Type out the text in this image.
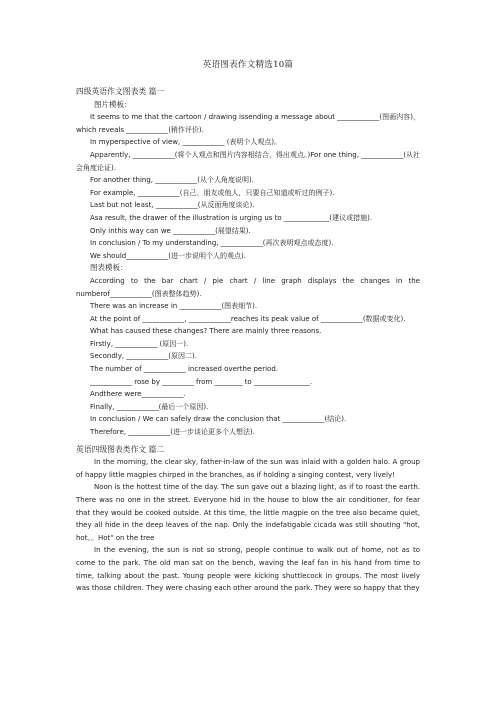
英语图表作文精选10篇

四级英语作文图表类 篇一

图片模板：

It seems to me that the cartoon / drawing issending a message about ____________(图画内容)，which reveals ____________(稍作评价).

In myperspective of view, ____________ (表明个人观点)。

Apparently, ____________(将个人观点和图片内容相结合，得出观点。)For one thing, ____________(从社会角度论证).

For another thing, ____________(从个人角度说明).

For example, ____________(自己、朋友或他人，只要自己知道或听过的例子).

Last but not least, ____________(从反面角度谈论).

Asa result, the drawer of the illustration is urging us to _____________(建议或措施).

Only inthis way can we ____________(展望结果).

In conclusion / To my understanding, ____________(再次表明观点或态度).

We should____________(进一步说明个人的观点).

图表模板：

According to the bar chart / pie chart / line graph displays the changes in the numberof____________(图表整体趋势).

There was an increase in ____________(图表细节).

At the point of ____________, ____________reaches its peak value of ____________(数据或变化).

What has caused these changes? There are mainly three reasons.

Firstly, ____________ (原因一).

Secondly, ____________(原因二).

The number of ____________ increased overthe period.

____________ rose by _________ from ________ to ________________.

Andthere were____________.

Finally, ____________(最后一个原因).

In conclusion / We can safely draw the conclusion that ____________(结论).

Therefore, ____________(进一步谈论更多个人想法).

英语四级图表类作文 篇二

In the morning, the clear sky, father-in-law of the sun was inlaid with a golden halo. A group of happy little magpies chirped in the branches, as if holding a singing contest, very lively!

Noon is the hottest time of the day. The sun gave out a blazing light, as if to roast the earth. There was no one in the street. Everyone hid in the house to blow the air conditioner, for fear that they would be cooked outside. At this time, the little magpie on the tree also became quiet, they all hide in the deep leaves of the nap. Only the indefatigable cicada was still shouting "hot, hot。。Hot" on the tree

In the evening, the sun is not so strong, people continue to walk out of home, not as to come to the park. The old man sat on the bench, waving the leaf fan in his hand from time to time, talking about the past. Young people were kicking shuttlecock in groups. The most lively was those children. They were chasing each other around the park. They were so happy that they
